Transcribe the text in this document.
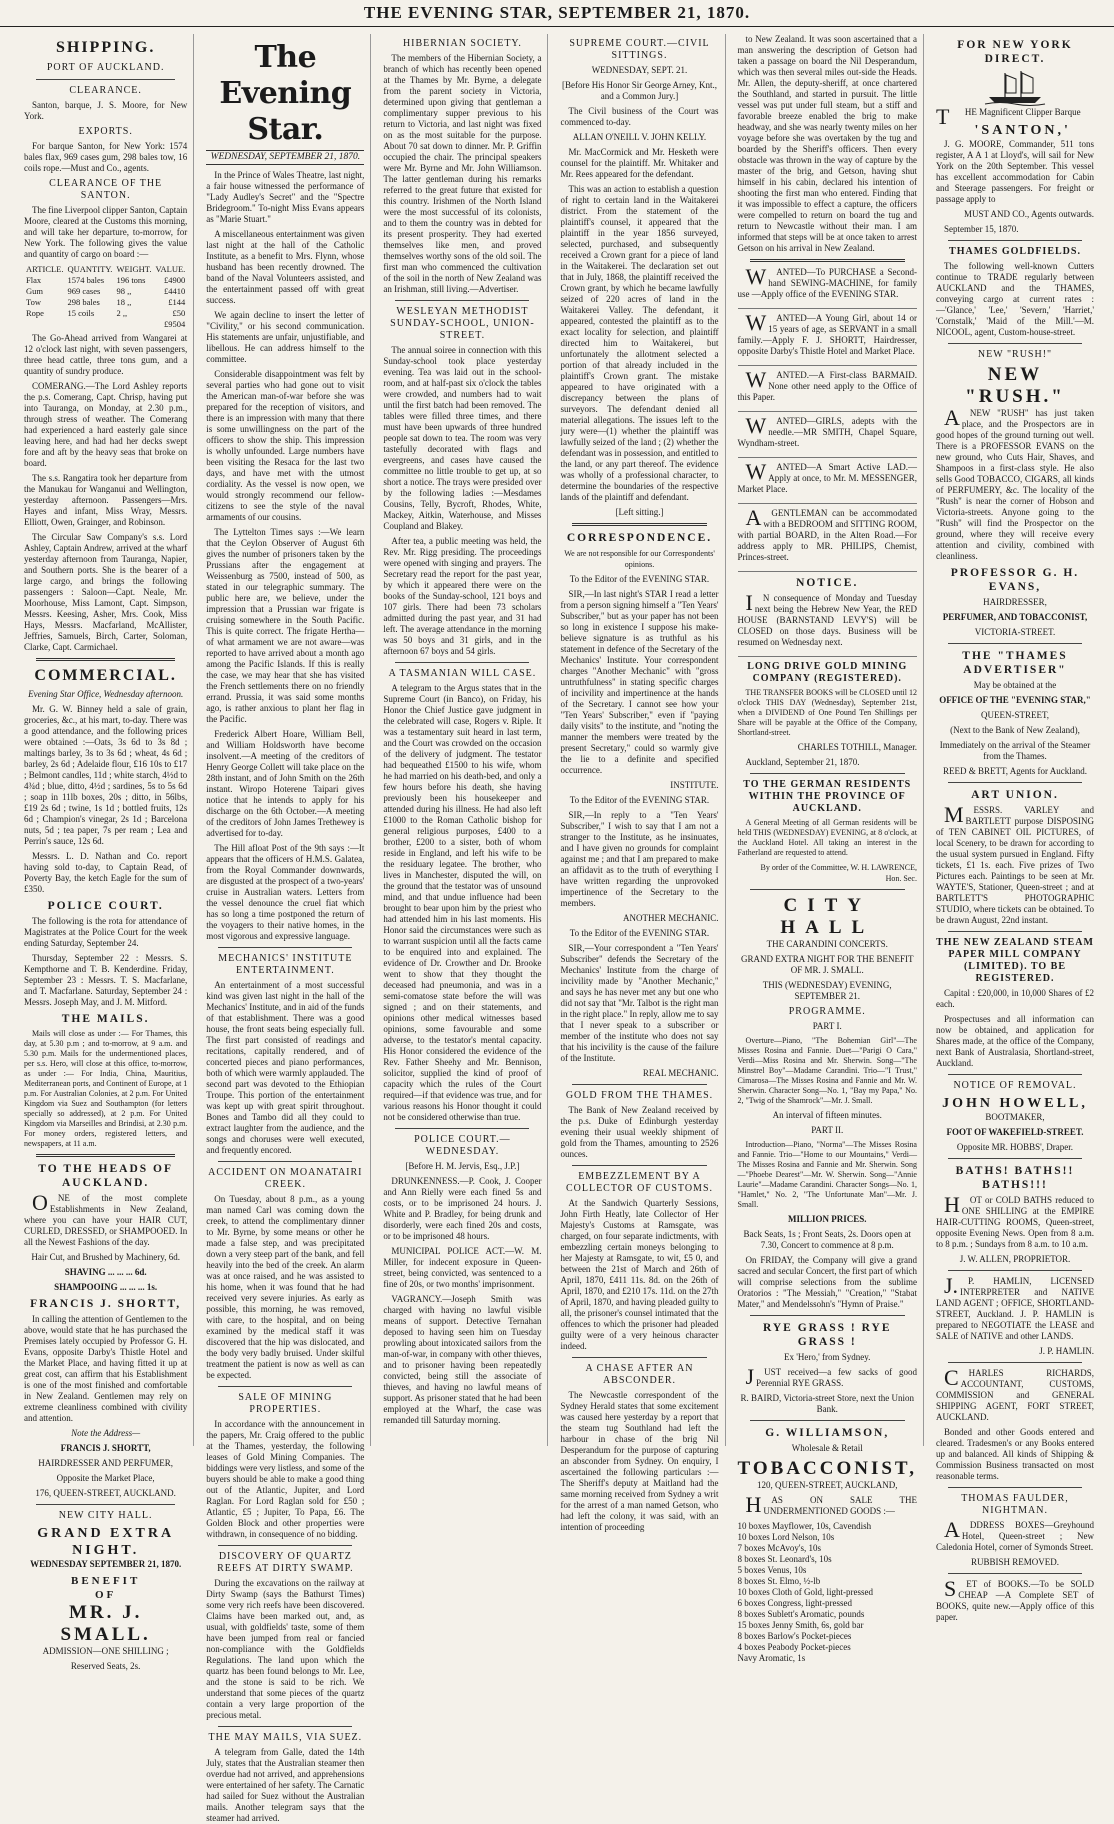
THE EVENING STAR, SEPTEMBER 21, 1870.
SHIPPING.
PORT OF AUCKLAND.
CLEARANCE.

Santon, barque, J. S. Moore, for New York.

EXPORTS.

For barque Santon, for New York: 1574 bales flax, 969 cases gum, 298 bales tow, 16 coils rope.—Must and Co., agents.

CLEARANCE OF THE SANTON.

The fine Liverpool clipper Santon, Captain Moore, cleared at the Customs this morning, and will take her departure, to-morrow, for New York. The following gives the value and quantity of cargo on board :—

ARTICLE.	QUANTITY.	WEIGHT.	VALUE.
Flax	1574 bales	196 tons	£4900
Gum	969 cases	98 ,,	£4410
Tow	298 bales	18 ,,	£144
Rope	15 coils	2 ,,	£50
			£9504

The Go-Ahead arrived from Wangarei at 12 o'clock last night, with seven passengers, three head cattle, three tons gum, and a quantity of sundry produce.

COMERANG.—The Lord Ashley reports the p.s. Comerang, Capt. Chrisp, having put into Tauranga, on Monday, at 2.30 p.m., through stress of weather. The Comerang had experienced a hard easterly gale since leaving here, and had had her decks swept fore and aft by the heavy seas that broke on board.

The s.s. Rangatira took her departure from the Manukau for Wanganui and Wellington, yesterday afternoon. Passengers—Mrs. Hayes and infant, Miss Wray, Messrs. Elliott, Owen, Grainger, and Robinson.

The Circular Saw Company's s.s. Lord Ashley, Captain Andrew, arrived at the wharf yesterday afternoon from Tauranga, Napier, and Southern ports. She is the bearer of a large cargo, and brings the following passengers : Saloon—Capt. Neale, Mr. Moorhouse, Miss Lamont, Capt. Simpson, Messrs. Keesing, Asher, Mrs. Cook, Miss Hays, Messrs. Macfarland, McAllister, Jeffries, Samuels, Birch, Carter, Soloman, Clarke, Capt. Carmichael.

COMMERCIAL.

Evening Star Office, Wednesday afternoon.

Mr. G. W. Binney held a sale of grain, groceries, &c., at his mart, to-day. There was a good attendance, and the following prices were obtained :—Oats, 3s 6d to 3s 8d ; maltings barley, 3s to 3s 6d ; wheat, 4s 6d ; barley, 2s 6d ; Adelaide flour, £16 10s to £17 ; Belmont candles, 11d ; white starch, 4½d to 4¾d ; blue, ditto, 4½d ; sardines, 5s to 5s 6d ; soap in 11lb boxes, 20s ; ditto, in 56lbs, £19 2s 6d ; twine, 1s 1d ; bottled fruits, 12s 6d ; Champion's vinegar, 2s 1d ; Barcelona nuts, 5d ; tea paper, 7s per ream ; Lea and Perrin's sauce, 12s 6d.

Messrs. L. D. Nathan and Co. report having sold to-day, to Captain Read, of Poverty Bay, the ketch Eagle for the sum of £350.

POLICE COURT.

The following is the rota for attendance of Magistrates at the Police Court for the week ending Saturday, September 24.

Thursday, September 22 : Messrs. S. Kempthorne and T. B. Kenderdine. Friday, September 23 : Messrs. T. S. Macfarlane, and T. Macfarlane. Saturday, September 24 : Messrs. Joseph May, and J. M. Mitford.

THE MAILS.

Mails will close as under :— For Thames, this day, at 5.30 p.m ; and to-morrow, at 9 a.m. and 5.30 p.m. Mails for the undermentioned places, per s.s. Hero, will close at this office, to-morrow, as under :— For India, China, Mauritius, Mediterranean ports, and Continent of Europe, at 1 p.m. For Australian Colonies, at 2 p.m. For United Kingdom via Suez and Southampton (for letters specially so addressed), at 2 p.m. For United Kingdom via Marseilles and Brindisi, at 2.30 p.m. For money orders, registered letters, and newspapers, at 11 a.m.

TO THE HEADS OF AUCKLAND.

ONE of the most complete Establishments in New Zealand, where you can have your HAIR CUT, CURLED, DRESSED, or SHAMPOOED. In all the Newest Fashions of the day.

Hair Cut, and Brushed by Machinery, 6d.

SHAVING ... ... ... 6d.

SHAMPOOING ... ... ... 1s.

FRANCIS J. SHORTT,

In calling the attention of Gentlemen to the above, would state that he has purchased the Premises lately occupied by Professor G. H. Evans, opposite Darby's Thistle Hotel and the Market Place, and having fitted it up at great cost, can affirm that his Establishment is one of the most finished and comfortable in New Zealand. Gentlemen may rely on extreme cleanliness combined with civility and attention.

Note the Address—

FRANCIS J. SHORTT,

HAIRDRESSER AND PERFUMER,

Opposite the Market Place,

176, QUEEN-STREET, AUCKLAND.

NEW CITY HALL.
GRAND EXTRA NIGHT.

WEDNESDAY SEPTEMBER 21, 1870.

BENEFIT
OF
MR. J. SMALL.

ADMISSION—ONE SHILLING ;

Reserved Seats, 2s.

The Evening Star.
WEDNESDAY, SEPTEMBER 21, 1870.

In the Prince of Wales Theatre, last night, a fair house witnessed the performance of "Lady Audley's Secret" and the "Spectre Bridegroom." To-night Miss Evans appears as "Marie Stuart."

A miscellaneous entertainment was given last night at the hall of the Catholic Institute, as a benefit to Mrs. Flynn, whose husband has been recently drowned. The band of the Naval Volunteers assisted, and the entertainment passed off with great success.

We again decline to insert the letter of "Civility," or his second communication. His statements are unfair, unjustifiable, and libellous. He can address himself to the committee.

Considerable disappointment was felt by several parties who had gone out to visit the American man-of-war before she was prepared for the reception of visitors, and there is an impression with many that there is some unwillingness on the part of the officers to show the ship. This impression is wholly unfounded. Large numbers have been visiting the Resaca for the last two days, and have met with the utmost cordiality. As the vessel is now open, we would strongly recommend our fellow-citizens to see the style of the naval armaments of our cousins.

The Lyttelton Times says :—We learn that the Ceylon Observer of August 6th gives the number of prisoners taken by the Prussians after the engagement at Weissenburg as 7500, instead of 500, as stated in our telegraphic summary. The public here are, we believe, under the impression that a Prussian war frigate is cruising somewhere in the South Pacific. This is quite correct. The frigate Hertha—of what armament we are not aware—was reported to have arrived about a month ago among the Pacific Islands. If this is really the case, we may hear that she has visited the French settlements there on no friendly errand. Prussia, it was said some months ago, is rather anxious to plant her flag in the Pacific.

Frederick Albert Hoare, William Bell, and William Holdsworth have become insolvent.—A meeting of the creditors of Henry George Collett will take place on the 28th instant, and of John Smith on the 26th instant. Wiropo Hoterene Taipari gives notice that he intends to apply for his discharge on the 6th October.—A meeting of the creditors of John James Trethewey is advertised for to-day.

The Hill afloat Post of the 9th says :—It appears that the officers of H.M.S. Galatea, from the Royal Commander downwards, are disgusted at the prospect of a two-years' cruise in Australian waters. Letters from the vessel denounce the cruel fiat which has so long a time postponed the return of the voyagers to their native homes, in the most vigorous and expressive language.

MECHANICS' INSTITUTE ENTERTAINMENT.

An entertainment of a most successful kind was given last night in the hall of the Mechanics' Institute, and in aid of the funds of that establishment. There was a good house, the front seats being especially full. The first part consisted of readings and recitations, capitally rendered, and of concerted pieces and piano performances, both of which were warmly applauded. The second part was devoted to the Ethiopian Troupe. This portion of the entertainment was kept up with great spirit throughout. Bones and Tambo did all they could to extract laughter from the audience, and the songs and choruses were well executed, and frequently encored.

ACCIDENT ON MOANATAIRI CREEK.

On Tuesday, about 8 p.m., as a young man named Carl was coming down the creek, to attend the complimentary dinner to Mr. Byrne, by some means or other he made a false step, and was precipitated down a very steep part of the bank, and fell heavily into the bed of the creek. An alarm was at once raised, and he was assisted to his home, when it was found that he had received very severe injuries. As early as possible, this morning, he was removed, with care, to the hospital, and on being examined by the medical staff it was discovered that the hip was dislocated, and the body very badly bruised. Under skilful treatment the patient is now as well as can be expected.

SALE OF MINING PROPERTIES.

In accordance with the announcement in the papers, Mr. Craig offered to the public at the Thames, yesterday, the following leases of Gold Mining Companies. The biddings were very listless, and some of the buyers should be able to make a good thing out of the Atlantic, Jupiter, and Lord Raglan. For Lord Raglan sold for £50 ; Atlantic, £5 ; Jupiter, To Papa, £6. The Golden Block and other properties were withdrawn, in consequence of no bidding.

DISCOVERY OF QUARTZ REEFS AT DIRTY SWAMP.

During the excavations on the railway at Dirty Swamp (says the Bathurst Times) some very rich reefs have been discovered. Claims have been marked out, and, as usual, with goldfields' taste, some of them have been jumped from real or fancied non-compliance with the Goldfields Regulations. The land upon which the quartz has been found belongs to Mr. Lee, and the stone is said to be rich. We understand that some pieces of the quartz contain a very large proportion of the precious metal.

THE MAY MAILS, VIA SUEZ.

A telegram from Galle, dated the 14th July, states that the Australian steamer then overdue had not arrived, and apprehensions were entertained of her safety. The Carnatic had sailed for Suez without the Australian mails. Another telegram says that the steamer had arrived.

HIBERNIAN SOCIETY.

The members of the Hibernian Society, a branch of which has recently been opened at the Thames by Mr. Byrne, a delegate from the parent society in Victoria, determined upon giving that gentleman a complimentary supper previous to his return to Victoria, and last night was fixed on as the most suitable for the purpose. About 70 sat down to dinner. Mr. P. Griffin occupied the chair. The principal speakers were Mr. Byrne and Mr. John Williamson. The latter gentleman during his remarks referred to the great future that existed for this country. Irishmen of the North Island were the most successful of its colonists, and to them the country was in debted for its present prosperity. They had exerted themselves like men, and proved themselves worthy sons of the old soil. The first man who commenced the cultivation of the soil in the north of New Zealand was an Irishman, still living.—Advertiser.

WESLEYAN METHODIST SUNDAY-SCHOOL, UNION-STREET.

The annual soiree in connection with this Sunday-school took place yesterday evening. Tea was laid out in the school-room, and at half-past six o'clock the tables were crowded, and numbers had to wait until the first batch had been removed. The tables were filled three times, and there must have been upwards of three hundred people sat down to tea. The room was very tastefully decorated with flags and evergreens, and cases have caused the committee no little trouble to get up, at so short a notice. The trays were presided over by the following ladies :—Mesdames Cousins, Telly, Bycroft, Rhodes, White, Mackey, Aitkin, Waterhouse, and Misses Coupland and Blakey.

After tea, a public meeting was held, the Rev. Mr. Rigg presiding. The proceedings were opened with singing and prayers. The Secretary read the report for the past year, by which it appeared there were on the books of the Sunday-school, 121 boys and 107 girls. There had been 73 scholars admitted during the past year, and 31 had left. The average attendance in the morning was 50 boys and 31 girls, and in the afternoon 67 boys and 54 girls.

A TASMANIAN WILL CASE.

A telegram to the Argus states that in the Supreme Court (in Banco), on Friday, his Honor the Chief Justice gave judgment in the celebrated will case, Rogers v. Riple. It was a testamentary suit heard in last term, and the Court was crowded on the occasion of the delivery of judgment. The testator had bequeathed £1500 to his wife, whom he had married on his death-bed, and only a few hours before his death, she having previously been his housekeeper and attended during his illness. He had also left £1000 to the Roman Catholic bishop for general religious purposes, £400 to a brother, £200 to a sister, both of whom reside in England, and left his wife to be the residuary legatee. The brother, who lives in Manchester, disputed the will, on the ground that the testator was of unsound mind, and that undue influence had been brought to bear upon him by the priest who had attended him in his last moments. His Honor said the circumstances were such as to warrant suspicion until all the facts came to be enquired into and explained. The evidence of Dr. Crowther and Dr. Brooke went to show that they thought the deceased had pneumonia, and was in a semi-comatose state before the will was signed ; and on their statements, and opinions other medical witnesses based opinions, some favourable and some adverse, to the testator's mental capacity. His Honor considered the evidence of the Rev. Father Sheehy and Mr. Bennison, solicitor, supplied the kind of proof of capacity which the rules of the Court required—if that evidence was true, and for various reasons his Honor thought it could not be considered otherwise than true.

POLICE COURT.—WEDNESDAY.

[Before H. M. Jervis, Esq., J.P.]

DRUNKENNESS.—P. Cook, J. Cooper and Ann Rielly were each fined 5s and costs, or to be imprisoned 24 hours. J. White and P. Bradley, for being drunk and disorderly, were each fined 20s and costs, or to be imprisoned 48 hours.

MUNICIPAL POLICE ACT.—W. M. Miller, for indecent exposure in Queen-street, being convicted, was sentenced to a fine of 20s, or two months' imprisonment.

VAGRANCY.—Joseph Smith was charged with having no lawful visible means of support. Detective Ternahan deposed to having seen him on Tuesday prowling about intoxicated sailors from the man-of-war, in company with other thieves, and to prisoner having been repeatedly convicted, being still the associate of thieves, and having no lawful means of support. As prisoner stated that he had been employed at the Wharf, the case was remanded till Saturday morning.

SUPREME COURT.—CIVIL SITTINGS.

WEDNESDAY, SEPT. 21.

[Before His Honor Sir George Arney, Knt., and a Common Jury.]

The Civil business of the Court was commenced to-day.

ALLAN O'NEILL V. JOHN KELLY.

Mr. MacCormick and Mr. Hesketh were counsel for the plaintiff. Mr. Whitaker and Mr. Rees appeared for the defendant.

This was an action to establish a question of right to certain land in the Waitakerei district. From the statement of the plaintiff's counsel, it appeared that the plaintiff in the year 1856 surveyed, selected, purchased, and subsequently received a Crown grant for a piece of land in the Waitakerei. The declaration set out that in July, 1868, the plaintiff received the Crown grant, by which he became lawfully seized of 220 acres of land in the Waitakerei Valley. The defendant, it appeared, contested the plaintiff as to the exact locality for selection, and plaintiff directed him to Waitakerei, but unfortunately the allotment selected a portion of that already included in the plaintiff's Crown grant. The mistake appeared to have originated with a discrepancy between the plans of surveyors. The defendant denied all material allegations. The issues left to the jury were—(1) whether the plaintiff was lawfully seized of the land ; (2) whether the defendant was in possession, and entitled to the land, or any part thereof. The evidence was wholly of a professional character, to determine the boundaries of the respective lands of the plaintiff and defendant.

[Left sitting.]

CORRESPONDENCE.

We are not responsible for our Correspondents' opinions.

To the Editor of the EVENING STAR.

SIR,—In last night's STAR I read a letter from a person signing himself a "Ten Years' Subscriber," but as your paper has not been so long in existence I suppose his make-believe signature is as truthful as his statement in defence of the Secretary of the Mechanics' Institute. Your correspondent charges "Another Mechanic" with "gross untruthfulness" in stating specific charges of incivility and impertinence at the hands of the Secretary. I cannot see how your "Ten Years' Subscriber," even if "paying daily visits" to the institute, and "noting the manner the members were treated by the present Secretary," could so warmly give the lie to a definite and specified occurrence.

INSTITUTE.

To the Editor of the EVENING STAR.

SIR,—In reply to a "Ten Years' Subscriber," I wish to say that I am not a stranger to the Institute, as he insinuates, and I have given no grounds for complaint against me ; and that I am prepared to make an affidavit as to the truth of everything I have written regarding the unprovoked impertinence of the Secretary to the members.

ANOTHER MECHANIC.

To the Editor of the EVENING STAR.

SIR,—Your correspondent a "Ten Years' Subscriber" defends the Secretary of the Mechanics' Institute from the charge of incivility made by "Another Mechanic," and says he has never met any but one who did not say that "Mr. Talbot is the right man in the right place." In reply, allow me to say that I never speak to a subscriber or member of the institute who does not say that his incivility is the cause of the failure of the Institute.

REAL MECHANIC.

GOLD FROM THE THAMES.

The Bank of New Zealand received by the p.s. Duke of Edinburgh yesterday evening their usual weekly shipment of gold from the Thames, amounting to 2526 ounces.

EMBEZZLEMENT BY A COLLECTOR OF CUSTOMS.

At the Sandwich Quarterly Sessions, John Firth Heatly, late Collector of Her Majesty's Customs at Ramsgate, was charged, on four separate indictments, with embezzling certain moneys belonging to her Majesty at Ramsgate, to wit, £5 0, and between the 21st of March and 26th of April, 1870, £411 11s. 8d. on the 26th of April, 1870, and £210 17s. 11d. on the 27th of April, 1870, and having pleaded guilty to all, the prisoner's counsel intimated that the offences to which the prisoner had pleaded guilty were of a very heinous character indeed.

A CHASE AFTER AN ABSCONDER.

The Newcastle correspondent of the Sydney Herald states that some excitement was caused here yesterday by a report that the steam tug Southland had left the harbour in chase of the brig Nil Desperandum for the purpose of capturing an absconder from Sydney. On enquiry, I ascertained the following particulars :—The Sheriff's deputy at Maitland had the same morning received from Sydney a writ for the arrest of a man named Getson, who had left the colony, it was said, with an intention of proceeding

to New Zealand. It was soon ascertained that a man answering the description of Getson had taken a passage on board the Nil Desperandum, which was then several miles out-side the Heads. Mr. Allen, the deputy-sheriff, at once chartered the Southland, and started in pursuit. The little vessel was put under full steam, but a stiff and favorable breeze enabled the brig to make headway, and she was nearly twenty miles on her voyage before she was overtaken by the tug and boarded by the Sheriff's officers. Then every obstacle was thrown in the way of capture by the master of the brig, and Getson, having shut himself in his cabin, declared his intention of shooting the first man who entered. Finding that it was impossible to effect a capture, the officers were compelled to return on board the tug and return to Newcastle without their man. I am informed that steps will be at once taken to arrest Getson on his arrival in New Zealand.

WANTED—To PURCHASE a Second-hand SEWING-MACHINE, for family use —Apply office of the EVENING STAR.

WANTED—A Young Girl, about 14 or 15 years of age, as SERVANT in a small family.—Apply F. J. SHORTT, Hairdresser, opposite Darby's Thistle Hotel and Market Place.

WANTED.—A First-class BARMAID. None other need apply to the Office of this Paper.

WANTED—GIRLS, adepts with the needle.—MR SMITH, Chapel Square, Wyndham-street.

WANTED—A Smart Active LAD.—Apply at once, to Mr. M. MESSENGER, Market Place.

AGENTLEMAN can be accommodated with a BEDROOM and SITTING ROOM, with partial BOARD, in the Alten Road.—For address apply to MR. PHILIPS, Chemist, Princes-street.

NOTICE.

IN consequence of Monday and Tuesday next being the Hebrew New Year, the RED HOUSE (BARNSTAND LEVY'S) will be CLOSED on those days. Business will be resumed on Wednesday next.

LONG DRIVE GOLD MINING COMPANY (REGISTERED).

THE TRANSFER BOOKS will be CLOSED until 12 o'clock THIS DAY (Wednesday), September 21st, when a DIVIDEND of One Pound Ten Shillings per Share will be payable at the Office of the Company, Shortland-street.

CHARLES TOTHILL, Manager.

Auckland, September 21, 1870.

TO THE GERMAN RESIDENTS WITHIN THE PROVINCE OF AUCKLAND.

A General Meeting of all German residents will be held THIS (WEDNESDAY) EVENING, at 8 o'clock, at the Auckland Hotel. All taking an interest in the Fatherland are requested to attend.

By order of the Committee, W. H. LAWRENCE, Hon. Sec.

CITY HALL

THE CARANDINI CONCERTS.

GRAND EXTRA NIGHT FOR THE BENEFIT OF MR. J. SMALL.

THIS (WEDNESDAY) EVENING, SEPTEMBER 21.

PROGRAMME.

PART I.

Overture—Piano, "The Bohemian Girl"—The Misses Rosina and Fannie. Duet—"Parigi O Cara," Verdi—Miss Rosina and Mr. Sherwin. Song—"The Minstrel Boy"—Madame Carandini. Trio—"I Trust," Cimarosa—The Misses Rosina and Fannie and Mr. W. Sherwin. Character Song—No. 1, "Bay my Papa," No. 2, "Twig of the Shamrock"—Mr. J. Small.

An interval of fifteen minutes.

PART II.

Introduction—Piano, "Norma"—The Misses Rosina and Fannie. Trio—"Home to our Mountains," Verdi—The Misses Rosina and Fannie and Mr. Sherwin. Song—"Phoebe Dearest"—Mr. W. Sherwin. Song—"Annie Laurie"—Madame Carandini. Character Songs—No. 1, "Hamlet," No. 2, "The Unfortunate Man"—Mr. J. Small.

MILLION PRICES.

Back Seats, 1s ; Front Seats, 2s. Doors open at 7.30, Concert to commence at 8 p.m.

On FRIDAY, the Company will give a grand sacred and secular Concert, the first part of which will comprise selections from the sublime Oratorios : "The Messiah," "Creation," "Stabat Mater," and Mendelssohn's "Hymn of Praise."

RYE GRASS ! RYE GRASS !

Ex 'Hero,' from Sydney.

JUST received—a few sacks of good Perennial RYE GRASS.

R. BAIRD, Victoria-street Store, next the Union Bank.

G. WILLIAMSON,

Wholesale & Retail

TOBACCONIST,

120, QUEEN-STREET, AUCKLAND,

HAS ON SALE THE UNDERMENTIONED GOODS :—

10 boxes Mayflower, 10s, Cavendish
10 boxes Lord Nelson, 10s
7 boxes McAvoy's, 10s
8 boxes St. Leonard's, 10s
5 boxes Venus, 10s
8 boxes St. Elmo, ½-lb
10 boxes Cloth of Gold, light-pressed
6 boxes Congress, light-pressed
8 boxes Sublett's Aromatic, pounds
15 boxes Jenny Smith, 6s, gold bar
8 boxes Barlow's Pocket-pieces
4 boxes Peabody Pocket-pieces
Navy Aromatic, 1s
FOR NEW YORK DIRECT.

THE Magnificent Clipper Barque

'SANTON,'

J. G. MOORE, Commander, 511 tons register, A A 1 at Lloyd's, will sail for New York on the 20th September. This vessel has excellent accommodation for Cabin and Steerage passengers. For freight or passage apply to

MUST AND CO., Agents outwards.

September 15, 1870.

THAMES GOLDFIELDS.

The following well-known Cutters continue to TRADE regularly between AUCKLAND and the THAMES, conveying cargo at current rates :—'Glance,' 'Lee,' 'Severn,' 'Harriet,' 'Cornstalk,' 'Maid of the Mill.'—M. NICOOL, agent, Custom-house-street.

NEW "RUSH!"
NEW "RUSH."

ANEW "RUSH" has just taken place, and the Prospectors are in good hopes of the ground turning out well. There is a PROFESSOR EVANS on the new ground, who Cuts Hair, Shaves, and Shampoos in a first-class style. He also sells Good TOBACCO, CIGARS, all kinds of PERFUMERY, &c. The locality of the "Rush" is near the corner of Hobson and Victoria-streets. Anyone going to the "Rush" will find the Prospector on the ground, where they will receive every attention and civility, combined with cleanliness.

PROFESSOR G. H. EVANS,

HAIRDRESSER,

PERFUMER, AND TOBACCONIST,

VICTORIA-STREET.

THE "THAMES ADVERTISER"

May be obtained at the

OFFICE OF THE "EVENING STAR,"

QUEEN-STREET,

(Next to the Bank of New Zealand),

Immediately on the arrival of the Steamer from the Thames.

REED & BRETT, Agents for Auckland.

ART UNION.

MESSRS. VARLEY and BARTLETT purpose DISPOSING of TEN CABINET OIL PICTURES, of local Scenery, to be drawn for according to the usual system pursued in England. Fifty tickets, £1 1s. each. Five prizes of Two Pictures each. Paintings to be seen at Mr. WAYTE'S, Stationer, Queen-street ; and at BARTLETT'S PHOTOGRAPHIC STUDIO, where tickets can be obtained. To be drawn August, 22nd instant.

THE NEW ZEALAND STEAM PAPER MILL COMPANY (LIMITED). TO BE REGISTERED.

Capital : £20,000, in 10,000 Shares of £2 each.

Prospectuses and all information can now be obtained, and application for Shares made, at the office of the Company, next Bank of Australasia, Shortland-street, Auckland.

NOTICE OF REMOVAL.
JOHN HOWELL,

BOOTMAKER,

FOOT OF WAKEFIELD-STREET.

Opposite MR. HOBBS', Draper.

BATHS! BATHS!! BATHS!!!

HOT or COLD BATHS reduced to ONE SHILLING at the EMPIRE HAIR-CUTTING ROOMS, Queen-street, opposite Evening News. Open from 8 a.m. to 8 p.m. ; Sundays from 8 a.m. to 10 a.m.

J. W. ALLEN, PROPRIETOR.

J.P. HAMLIN, LICENSED INTERPRETER and NATIVE LAND AGENT ; OFFICE, SHORTLAND-STREET, Auckland. J. P. HAMLIN is prepared to NEGOTIATE the LEASE and SALE of NATIVE and other LANDS.

J. P. HAMLIN.

CHARLES RICHARDS, ACCOUNTANT, CUSTOMS, COMMISSION and GENERAL SHIPPING AGENT, FORT STREET, AUCKLAND.

Bonded and other Goods entered and cleared. Tradesmen's or any Books entered up and balanced. All kinds of Shipping & Commission Business transacted on most reasonable terms.

THOMAS FAULDER, NIGHTMAN.

ADDRESS BOXES—Greyhound Hotel, Queen-street ; New Caledonia Hotel, corner of Symonds Street.

RUBBISH REMOVED.

SET of BOOKS.—To be SOLD CHEAP —A Complete SET of BOOKS, quite new.—Apply office of this paper.
